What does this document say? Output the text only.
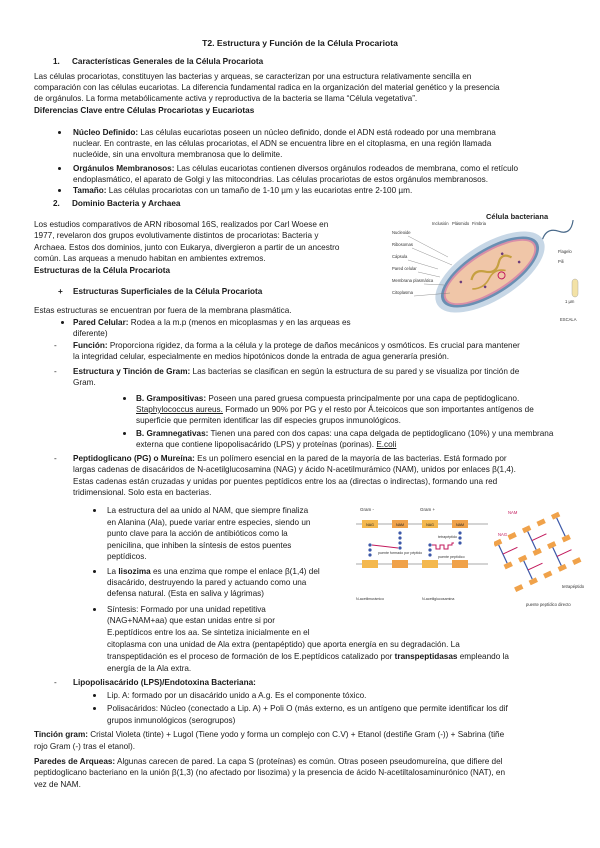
T2. Estructura y Función de la Célula Procariota
1. Características Generales de la Célula Procariota
Las células procariotas, constituyen las bacterias y arqueas, se caracterizan por una estructura relativamente sencilla en
comparación con las células eucariotas. La diferencia fundamental radica en la organización del material genético y la presencia
de orgánulos. La forma metabólicamente activa y reproductiva de la bacteria se llama “Célula vegetativa”.
Diferencias Clave entre Células Procariotas y Eucariotas
Núcleo Definido: Las células eucariotas poseen un núcleo definido, donde el ADN está rodeado por una membrana
nuclear. En contraste, en las células procariotas, el ADN se encuentra libre en el citoplasma, en una región llamada
nucleóide, sin una envoltura membranosa que lo delimite.
Orgánulos Membranosos: Las células eucariotas contienen diversos orgánulos rodeados de membrana, como el retículo
endoplasmático, el aparato de Golgi y las mitocondrias. Las células procariotas de estos orgánulos membranosos.
Tamaño: Las células procariotas con un tamaño de 1-10 µm y las eucariotas entre 2-100 µm.
2. Dominio Bacteria y Archaea
Los estudios comparativos de ARN ribosomal 16S, realizados por Carl Woese en
1977, revelaron dos grupos evolutivamente distintos de procariotas: Bacteria y
Archaea. Estos dos dominios, junto con Eukarya, divergieron a partir de un ancestro
común. Las arqueas a menudo habitan en ambientes extremos.
Estructuras de la Célula Procariota
+ Estructuras Superficiales de la Célula Procariota
Estas estructuras se encuentran por fuera de la membrana plasmática.
Pared Celular: Rodea a la m.p (menos en micoplasmas y en las arqueas es
diferente)
- Función: Proporciona rigidez, da forma a la célula y la protege de daños mecánicos y osmóticos. Es crucial para mantener
la integridad celular, especialmente en medios hipotónicos donde la entrada de agua generaría presión.
- Estructura y Tinción de Gram: Las bacterias se clasifican en según la estructura de su pared y se visualiza por tinción de
Gram.
B. Grampositivas: Poseen una pared gruesa compuesta principalmente por una capa de peptidoglicano.
Staphylococcus aureus. Formado un 90% por PG y el resto por Á.teicoicos que son importantes antígenos de
superficie que permiten identificar las dif especies grupos inmunológicos.
B. Gramnegativas: Tienen una pared con dos capas: una capa delgada de peptidoglicano (10%) y una membrana
externa que contiene lipopolisacárido (LPS) y proteínas (porinas). E.coli
- Peptidoglicano (PG) o Mureína: Es un polímero esencial en la pared de la mayoría de las bacterias. Está formado por
largas cadenas de disacáridos de N-acetilglucosamina (NAG) y ácido N-acetilmurámico (NAM), unidos por enlaces β(1,4).
Estas cadenas están cruzadas y unidas por puentes peptídicos entre los aa (directas o indirectas), formando una red
tridimensional. Solo esta en bacterias.
La estructura del aa unido al NAM, que siempre finaliza
en Alanina (Ala), puede variar entre especies, siendo un
punto clave para la acción de antibióticos como la
penicilina, que inhiben la síntesis de estos puentes
peptídicos.
La lisozima es una enzima que rompe el enlace β(1,4) del
disacárido, destruyendo la pared y actuando como una
defensa natural. (Esta en saliva y lágrimas)
Síntesis: Formado por una unidad repetitiva
(NAG+NAM+aa) que estan unidas entre si por
E.peptídicos entre los aa. Se sintetiza inicialmente en el
citoplasma con una unidad de Ala extra (pentapéptido) que aporta energía en su degradación. La
transpeptidación es el proceso de formación de los E.peptídicos catalizado por transpeptidasas empleando la
energía de la Ala extra.
- Lipopolisacárido (LPS)/Endotoxina Bacteriana:
Lip. A: formado por un disacárido unido a A.g. Es el componente tóxico.
Polisacáridos: Núcleo (conectado a Lip. A) + Poli O (más externo, es un antígeno que permite identificar los dif
grupos inmunológicos (serogrupos)
Tinción gram: Cristal Violeta (tinte) + Lugol (Tiene yodo y forma un complejo con C.V) + Etanol (destiñe Gram (-)) + Sabrina (tiñe
rojo Gram (-) tras el etanol).
Paredes de Arqueas: Algunas carecen de pared. La capa S (proteínas) es común. Otras poseen pseudomureína, que difiere del
peptidoglicano bacteriano en la unión β(1,3) (no afectado por lisozima) y la presencia de ácido N-acetiltalosaminurónico (NAT), en
vez de NAM.
Célula bacteriana
Nucleoide
Ribosomas
Cápsula
Pared celular
Membrana plasmática
Citoplasma
Inclusión Plásmido Fimbria
Flagelo
Pili
1 µm
ESCALA
Gram -	Gram +
NAG	NAM	NAG	NAM
puente formado por péptido
tetrapéptido
puente peptídico
N-acetilmurámico	N-acetilglucosamina
NAM
NAG
tetrapéptido
puente peptídico directo
